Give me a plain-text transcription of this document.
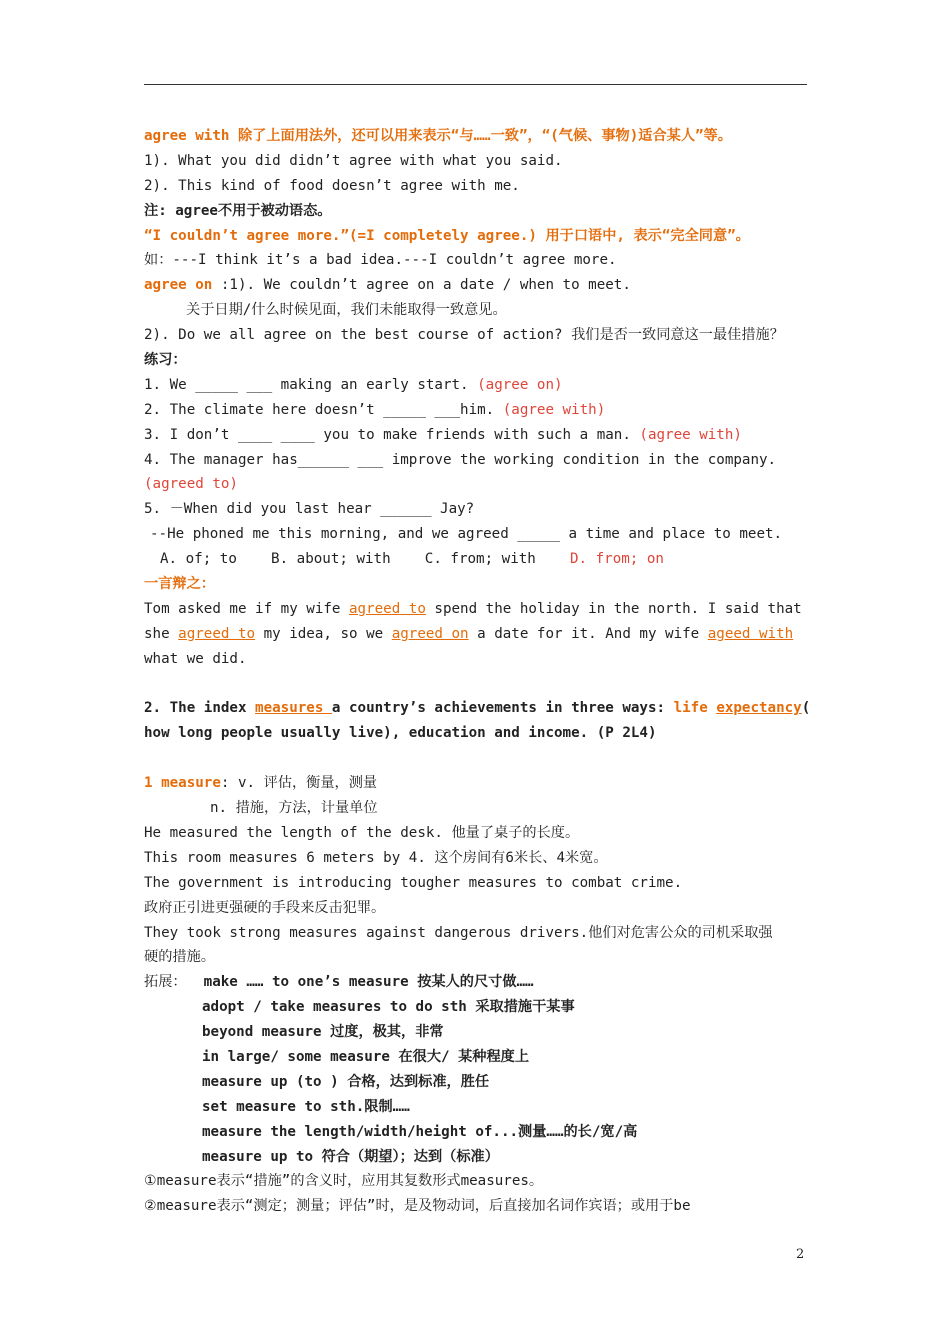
agree with 除了上面用法外，还可以用来表示“与……一致”，“(气候、事物)适合某人”等。
1). What you did didn’t agree with what you said.
2). This kind of food doesn’t agree with me.
注: agree不用于被动语态。
“I couldn’t agree more.”(=I completely agree.) 用于口语中, 表示“完全同意”。
如：---I think it’s a bad idea.---I couldn’t agree more.
agree on :1). We couldn’t agree on a date / when to meet.
关于日期/什么时候见面，我们未能取得一致意见。
2). Do we all agree on the best course of action? 我们是否一致同意这一最佳措施？
练习：
1. We _____ ___ making an early start. (agree on)
2. The climate here doesn’t _____ ___him. (agree with)
3. I don’t ____ ____ you to make friends with such a man. (agree with)
4. The manager has______ ___ improve the working condition in the company.
(agreed to)
5. －When did you last hear ______ Jay?
--He phoned me this morning, and we agreed _____ a time and place to meet.
A. of; to    B. about; with    C. from; with    D. from; on
一言辩之：
Tom asked me if my wife agreed to spend the holiday in the north. I said that
she agreed to my idea, so we agreed on a date for it. And my wife ageed with
what we did.
2. The index measures a country’s achievements in three ways: life expectancy(
how long people usually live), education and income. (P 2L4)
1 measure: v. 评估，衡量，测量
n. 措施，方法，计量单位
He measured the length of the desk. 他量了桌子的长度。
This room measures 6 meters by 4. 这个房间有6米长、4米宽。
The government is introducing tougher measures to combat crime.
政府正引进更强硬的手段来反击犯罪。
They took strong measures against dangerous drivers.他们对危害公众的司机采取强
硬的措施。
拓展：  make …… to one’s measure 按某人的尺寸做……
adopt / take measures to do sth 采取措施干某事
beyond measure 过度，极其，非常
in large/ some measure 在很大/ 某种程度上
measure up (to ) 合格，达到标准，胜任
set measure to sth.限制……
measure the length/width/height of...测量……的长/宽/高
measure up to 符合（期望）；达到（标准）
①measure表示“措施”的含义时，应用其复数形式measures。
②measure表示“测定；测量；评估”时，是及物动词，后直接加名词作宾语；或用于be
2
